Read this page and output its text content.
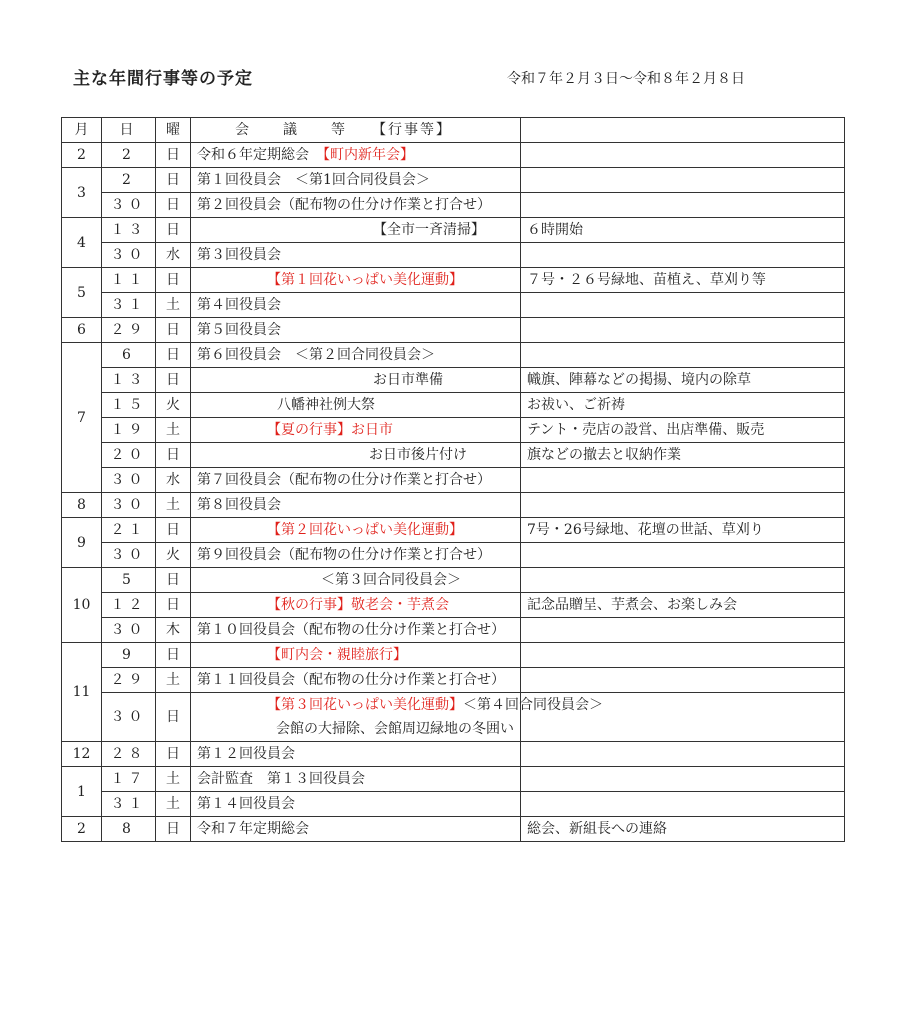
主な年間行事等の予定	令和７年２月３日～令和８年２月８日
月	日	曜	会　　議　　等　　【行事等】	
2	2	日	令和６年定期総会　 【町内新年会】	
3	2	日	第１回役員会　＜第1回合同役員会＞	
	３０	日	第２回役員会（配布物の仕分け作業と打合せ）	
4	１３	日	【全市一斉清掃】	６時開始
	３０	水	第３回役員会	
5	１１	日	【第１回花いっぱい美化運動】	７号・２６号緑地、苗植え、草刈り等
	３１	土	第４回役員会	
6	２９	日	第５回役員会	
7	6	日	第６回役員会　＜第２回合同役員会＞	
	１３	日	お日市準備	幟旗、陣幕などの掲揚、境内の除草
	１５	火	八幡神社例大祭	お祓い、ご祈祷
	１９	土	【夏の行事】お日市	テント・売店の設営、出店準備、販売
	２０	日	お日市後片付け	旗などの撤去と収納作業
	３０	水	第７回役員会（配布物の仕分け作業と打合せ）	
8	３０	土	第８回役員会	
9	２１	日	【第２回花いっぱい美化運動】	7号・26号緑地、花壇の世話、草刈り
	３０	火	第９回役員会（配布物の仕分け作業と打合せ）	
10	5	日	＜第３回合同役員会＞	
	１２	日	【秋の行事】敬老会・芋煮会	記念品贈呈、芋煮会、お楽しみ会
	３０	木	第１０回役員会（配布物の仕分け作業と打合せ）	
11	9	日	【町内会・親睦旅行】	
	２９	土	第１１回役員会（配布物の仕分け作業と打合せ）	
	３０	日	【第３回花いっぱい美化運動】＜第４回合同役員会＞
会館の大掃除、会館周辺緑地の冬囲い	

12	２８	日	第１２回役員会	
1	１７	土	会計監査　第１３回役員会	
	３１	土	第１４回役員会	
2	8	日	令和７年定期総会	総会、新組長への連絡
